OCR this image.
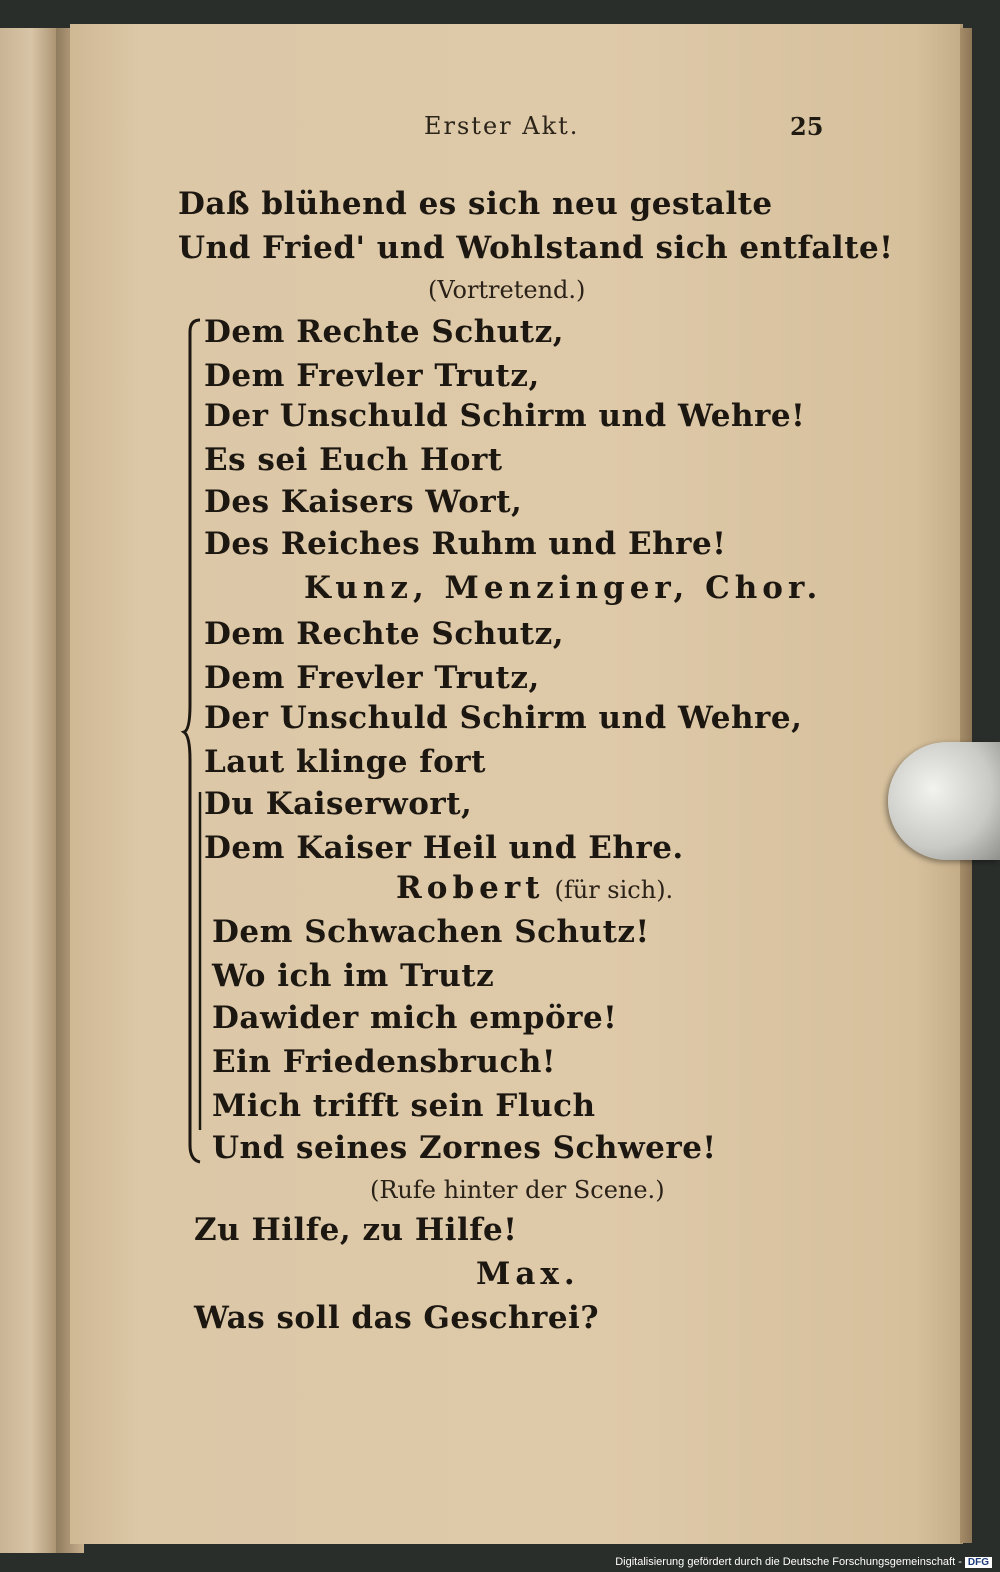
Erster Akt.	25
Daß blühend es sich neu gestalte
Und Fried' und Wohlstand sich entfalte!
(Vortretend.)
Dem Rechte Schutz,
Dem Frevler Trutz,
Der Unschuld Schirm und Wehre!
Es sei Euch Hort
Des Kaisers Wort,
Des Reiches Ruhm und Ehre!
Kunz, Menzinger, Chor.
Dem Rechte Schutz,
Dem Frevler Trutz,
Der Unschuld Schirm und Wehre,
Laut klinge fort
Du Kaiserwort,
Dem Kaiser Heil und Ehre.
Robert (für sich).
Dem Schwachen Schutz!
Wo ich im Trutz
Dawider mich empöre!
Ein Friedensbruch!
Mich trifft sein Fluch
Und seines Zornes Schwere!
(Rufe hinter der Scene.)
Zu Hilfe, zu Hilfe!
Max.
Was soll das Geschrei?
Digitalisierung gefördert durch die Deutsche Forschungsgemeinschaft - DFG
